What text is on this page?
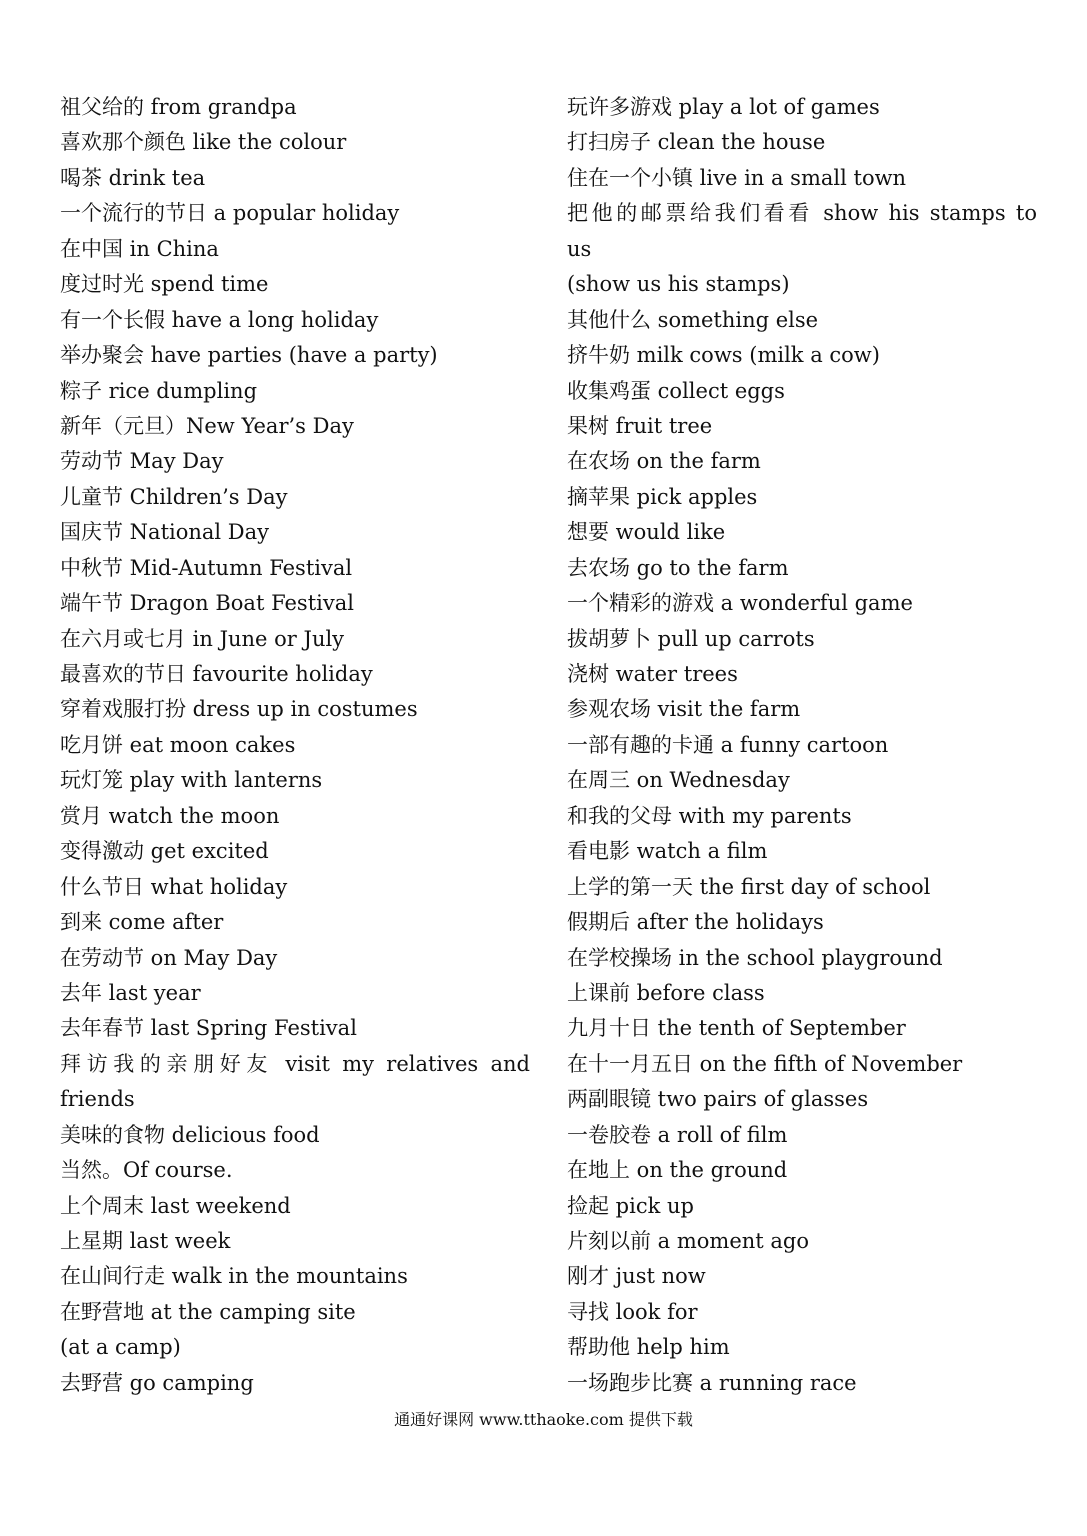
祖父给的 from grandpa
喜欢那个颜色 like the colour
喝茶 drink tea
一个流行的节日 a popular holiday
在中国 in China
度过时光 spend time
有一个长假 have a long holiday
举办聚会 have parties (have a party)
粽子 rice dumpling
新年（元旦）New Year’s Day
劳动节 May Day
儿童节 Children’s Day
国庆节 National Day
中秋节 Mid-Autumn Festival
端午节 Dragon Boat Festival
在六月或七月 in June or July
最喜欢的节日 favourite holiday
穿着戏服打扮 dress up in costumes
吃月饼 eat moon cakes
玩灯笼 play with lanterns
赏月 watch the moon
变得激动 get excited
什么节日 what holiday
到来 come after
在劳动节 on May Day
去年 last year
去年春节 last Spring Festival
拜访我的亲朋好友 visit my relatives and
friends
美味的食物 delicious food
当然。Of course.
上个周末 last weekend
上星期 last week
在山间行走 walk in the mountains
在野营地 at the camping site
(at a camp)
去野营 go camping
玩许多游戏 play a lot of games
打扫房子 clean the house
住在一个小镇 live in a small town
把他的邮票给我们看看 show his stamps to
us
(show us his stamps)
其他什么 something else
挤牛奶 milk cows (milk a cow)
收集鸡蛋 collect eggs
果树 fruit tree
在农场 on the farm
摘苹果 pick apples
想要 would like
去农场 go to the farm
一个精彩的游戏 a wonderful game
拔胡萝卜 pull up carrots
浇树 water trees
参观农场 visit the farm
一部有趣的卡通 a funny cartoon
在周三 on Wednesday
和我的父母 with my parents
看电影 watch a film
上学的第一天 the first day of school
假期后 after the holidays
在学校操场 in the school playground
上课前 before class
九月十日 the tenth of September
在十一月五日 on the fifth of November
两副眼镜 two pairs of glasses
一卷胶卷 a roll of film
在地上 on the ground
捡起 pick up
片刻以前 a moment ago
刚才 just now
寻找 look for
帮助他 help him
一场跑步比赛 a running race
通通好课网 www.tthaoke.com 提供下载
